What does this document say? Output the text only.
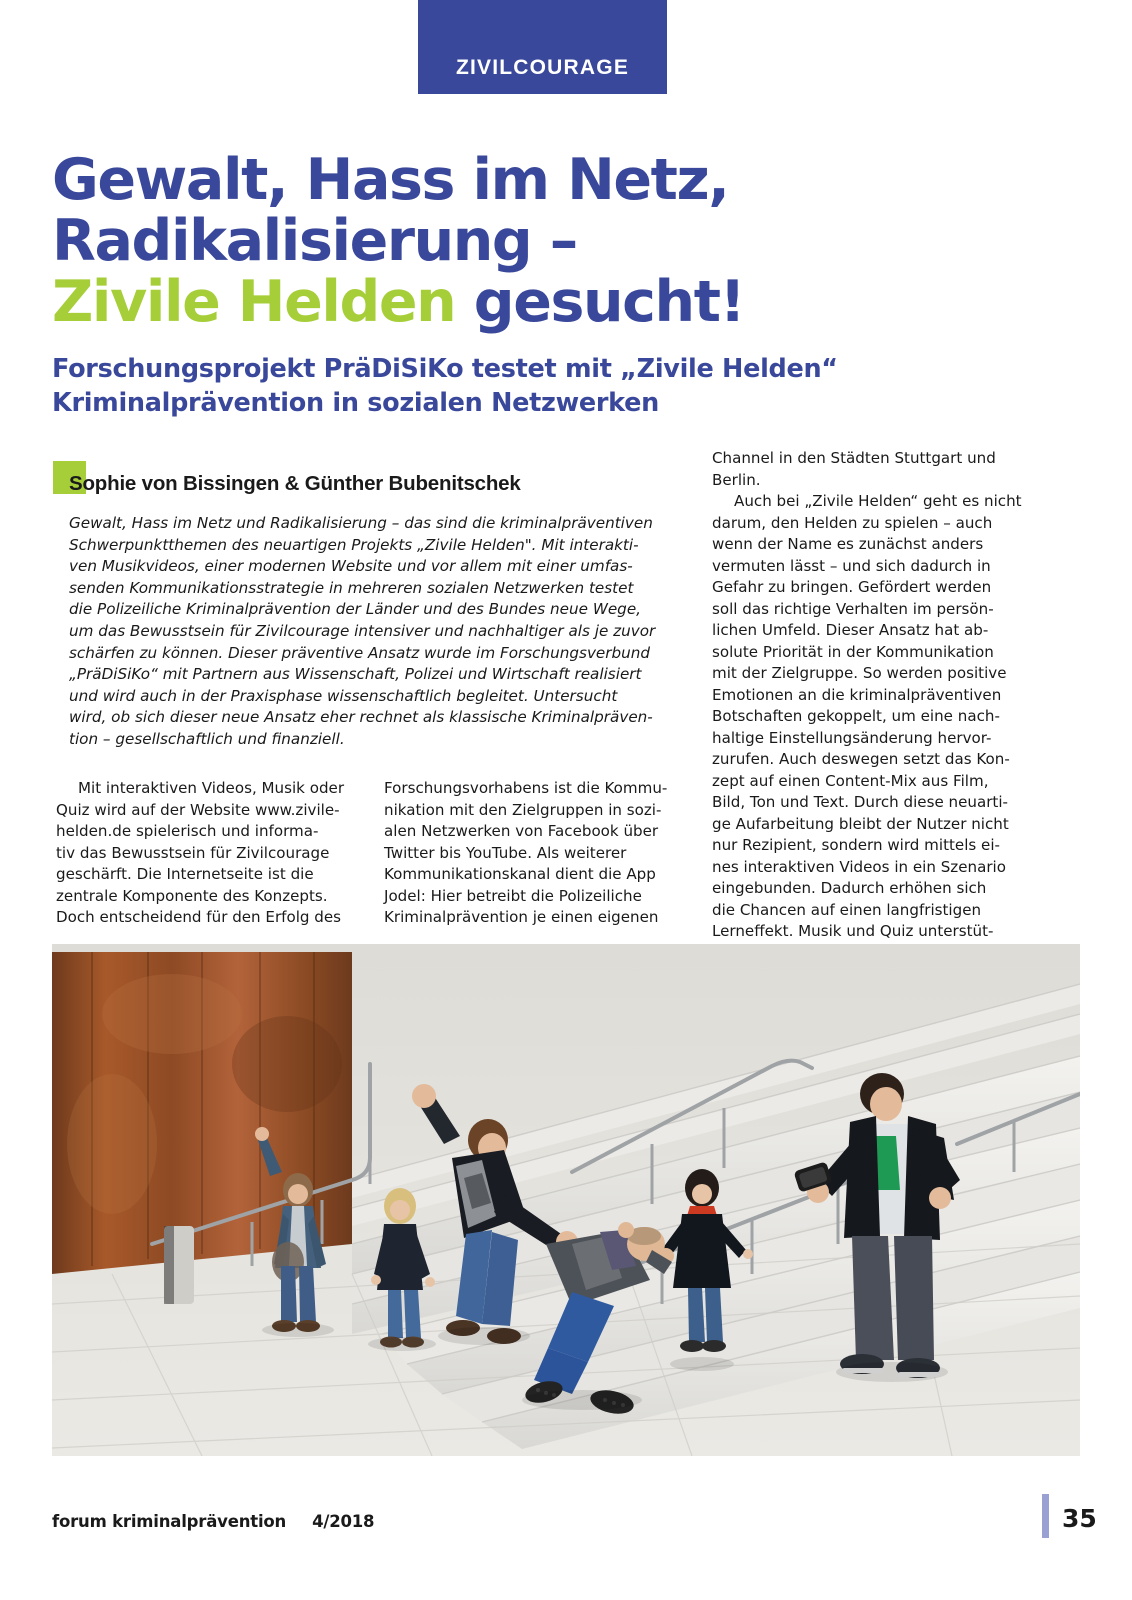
ZIVILCOURAGE
Gewalt, Hass im Netz,
Radikalisierung –
Zivile Helden gesucht!
Forschungsprojekt PräDiSiKo testet mit „Zivile Helden“
Kriminalprävention in sozialen Netzwerken
Sophie von Bissingen & Günther Bubenitschek
Gewalt, Hass im Netz und Radikalisierung – das sind die kriminalpräventiven
Schwerpunktthemen des neuartigen Projekts „Zivile Helden". Mit interakti-
ven Musikvideos, einer modernen Website und vor allem mit einer umfas-
senden Kommunikationsstrategie in mehreren sozialen Netzwerken testet
die Polizeiliche Kriminalprävention der Länder und des Bundes neue Wege,
um das Bewusstsein für Zivilcourage intensiver und nachhaltiger als je zuvor
schärfen zu können. Dieser präventive Ansatz wurde im Forschungsverbund
„PräDiSiKo“ mit Partnern aus Wissenschaft, Polizei und Wirtschaft realisiert
und wird auch in der Praxisphase wissenschaftlich begleitet. Untersucht
wird, ob sich dieser neue Ansatz eher rechnet als klassische Kriminalpräven-
tion – gesellschaftlich und finanziell.
Mit interaktiven Videos, Musik oder
Quiz wird auf der Website www.zivile-
helden.de spielerisch und informa-
tiv das Bewusstsein für Zivilcourage
geschärft. Die Internetseite ist die
zentrale Komponente des Konzepts.
Doch entscheidend für den Erfolg des
Forschungsvorhabens ist die Kommu-
nikation mit den Zielgruppen in sozi-
alen Netzwerken von Facebook über
Twitter bis YouTube. Als weiterer
Kommunikationskanal dient die App
Jodel: Hier betreibt die Polizeiliche
Kriminalprävention je einen eigenen
Channel in den Städten Stuttgart und
Berlin.
Auch bei „Zivile Helden“ geht es nicht
darum, den Helden zu spielen – auch
wenn der Name es zunächst anders
vermuten lässt – und sich dadurch in
Gefahr zu bringen. Gefördert werden
soll das richtige Verhalten im persön-
lichen Umfeld. Dieser Ansatz hat ab-
solute Priorität in der Kommunikation
mit der Zielgruppe. So werden positive
Emotionen an die kriminalpräventiven
Botschaften gekoppelt, um eine nach-
haltige Einstellungsänderung hervor-
zurufen. Auch deswegen setzt das Kon-
zept auf einen Content-Mix aus Film,
Bild, Ton und Text. Durch diese neuarti-
ge Aufarbeitung bleibt der Nutzer nicht
nur Rezipient, sondern wird mittels ei-
nes interaktiven Videos in ein Szenario
eingebunden. Dadurch erhöhen sich
die Chancen auf einen langfristigen
Lerneffekt. Musik und Quiz unterstüt-
forum kriminalprävention 4/2018	35
